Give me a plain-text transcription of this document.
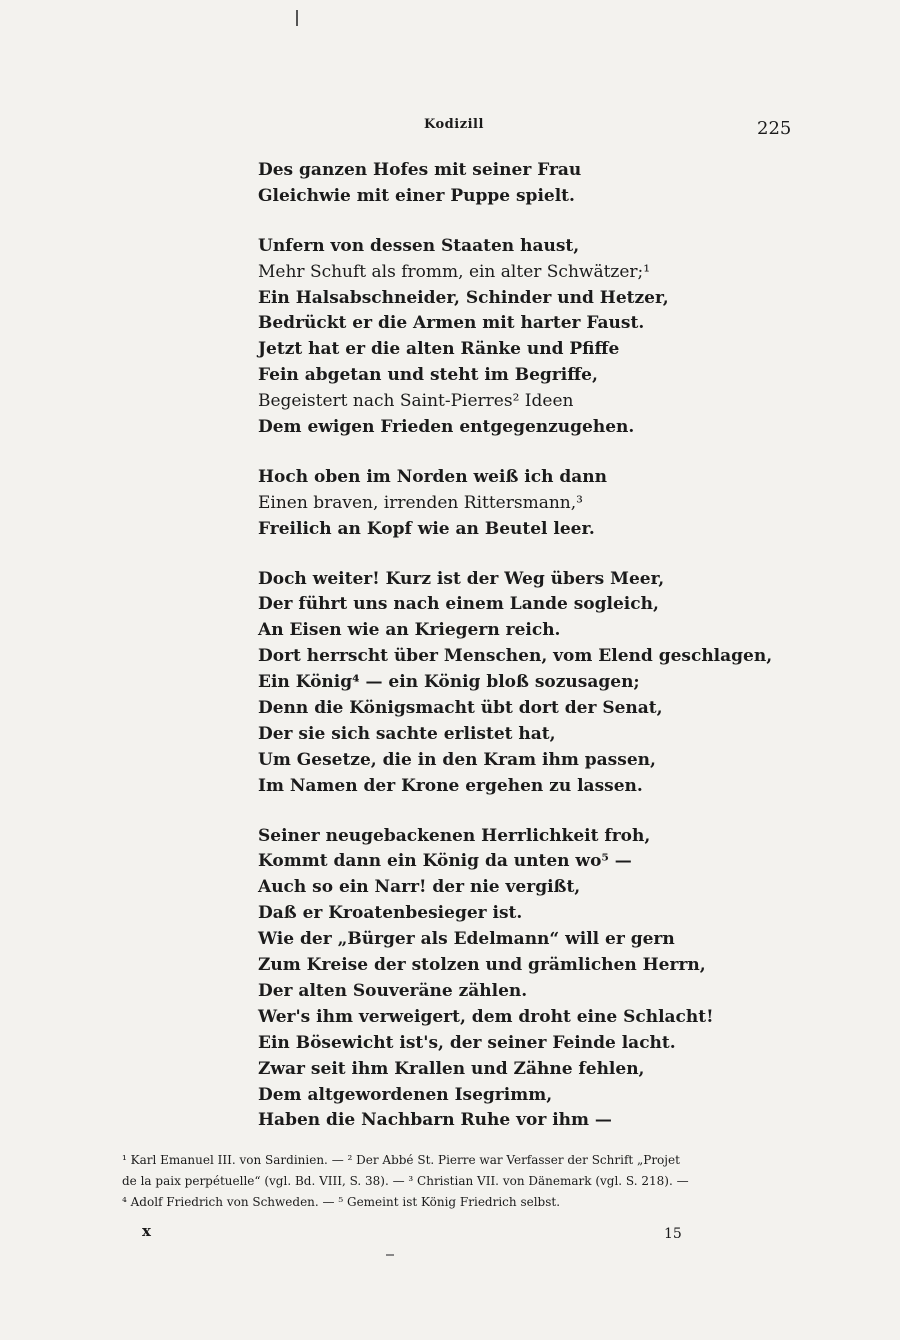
Kodizill	225
Des ganzen Hofes mit seiner Frau
Gleichwie mit einer Puppe spielt.
Unfern von dessen Staaten haust,
Mehr Schuft als fromm, ein alter Schwätzer;¹
Ein Halsabschneider, Schinder und Hetzer,
Bedrückt er die Armen mit harter Faust.
Jetzt hat er die alten Ränke und Pfiffe
Fein abgetan und steht im Begriffe,
Begeistert nach Saint-Pierres² Ideen
Dem ewigen Frieden entgegenzugehen.
Hoch oben im Norden weiß ich dann
Einen braven, irrenden Rittersmann,³
Freilich an Kopf wie an Beutel leer.
Doch weiter! Kurz ist der Weg übers Meer,
Der führt uns nach einem Lande sogleich,
An Eisen wie an Kriegern reich.
Dort herrscht über Menschen, vom Elend geschlagen,
Ein König⁴ — ein König bloß sozusagen;
Denn die Königsmacht übt dort der Senat,
Der sie sich sachte erlistet hat,
Um Gesetze, die in den Kram ihm passen,
Im Namen der Krone ergehen zu lassen.
Seiner neugebackenen Herrlichkeit froh,
Kommt dann ein König da unten wo⁵ —
Auch so ein Narr! der nie vergißt,
Daß er Kroatenbesieger ist.
Wie der „Bürger als Edelmann“ will er gern
Zum Kreise der stolzen und grämlichen Herrn,
Der alten Souveräne zählen.
Wer's ihm verweigert, dem droht eine Schlacht!
Ein Bösewicht ist's, der seiner Feinde lacht.
Zwar seit ihm Krallen und Zähne fehlen,
Dem altgewordenen Isegrimm,
Haben die Nachbarn Ruhe vor ihm —
¹ Karl Emanuel III. von Sardinien. — ² Der Abbé St. Pierre war Verfasser der Schrift „Projet
de la paix perpétuelle“ (vgl. Bd. VIII, S. 38). — ³ Christian VII. von Dänemark (vgl. S. 218). —
⁴ Adolf Friedrich von Schweden. — ⁵ Gemeint ist König Friedrich selbst.
x	15
